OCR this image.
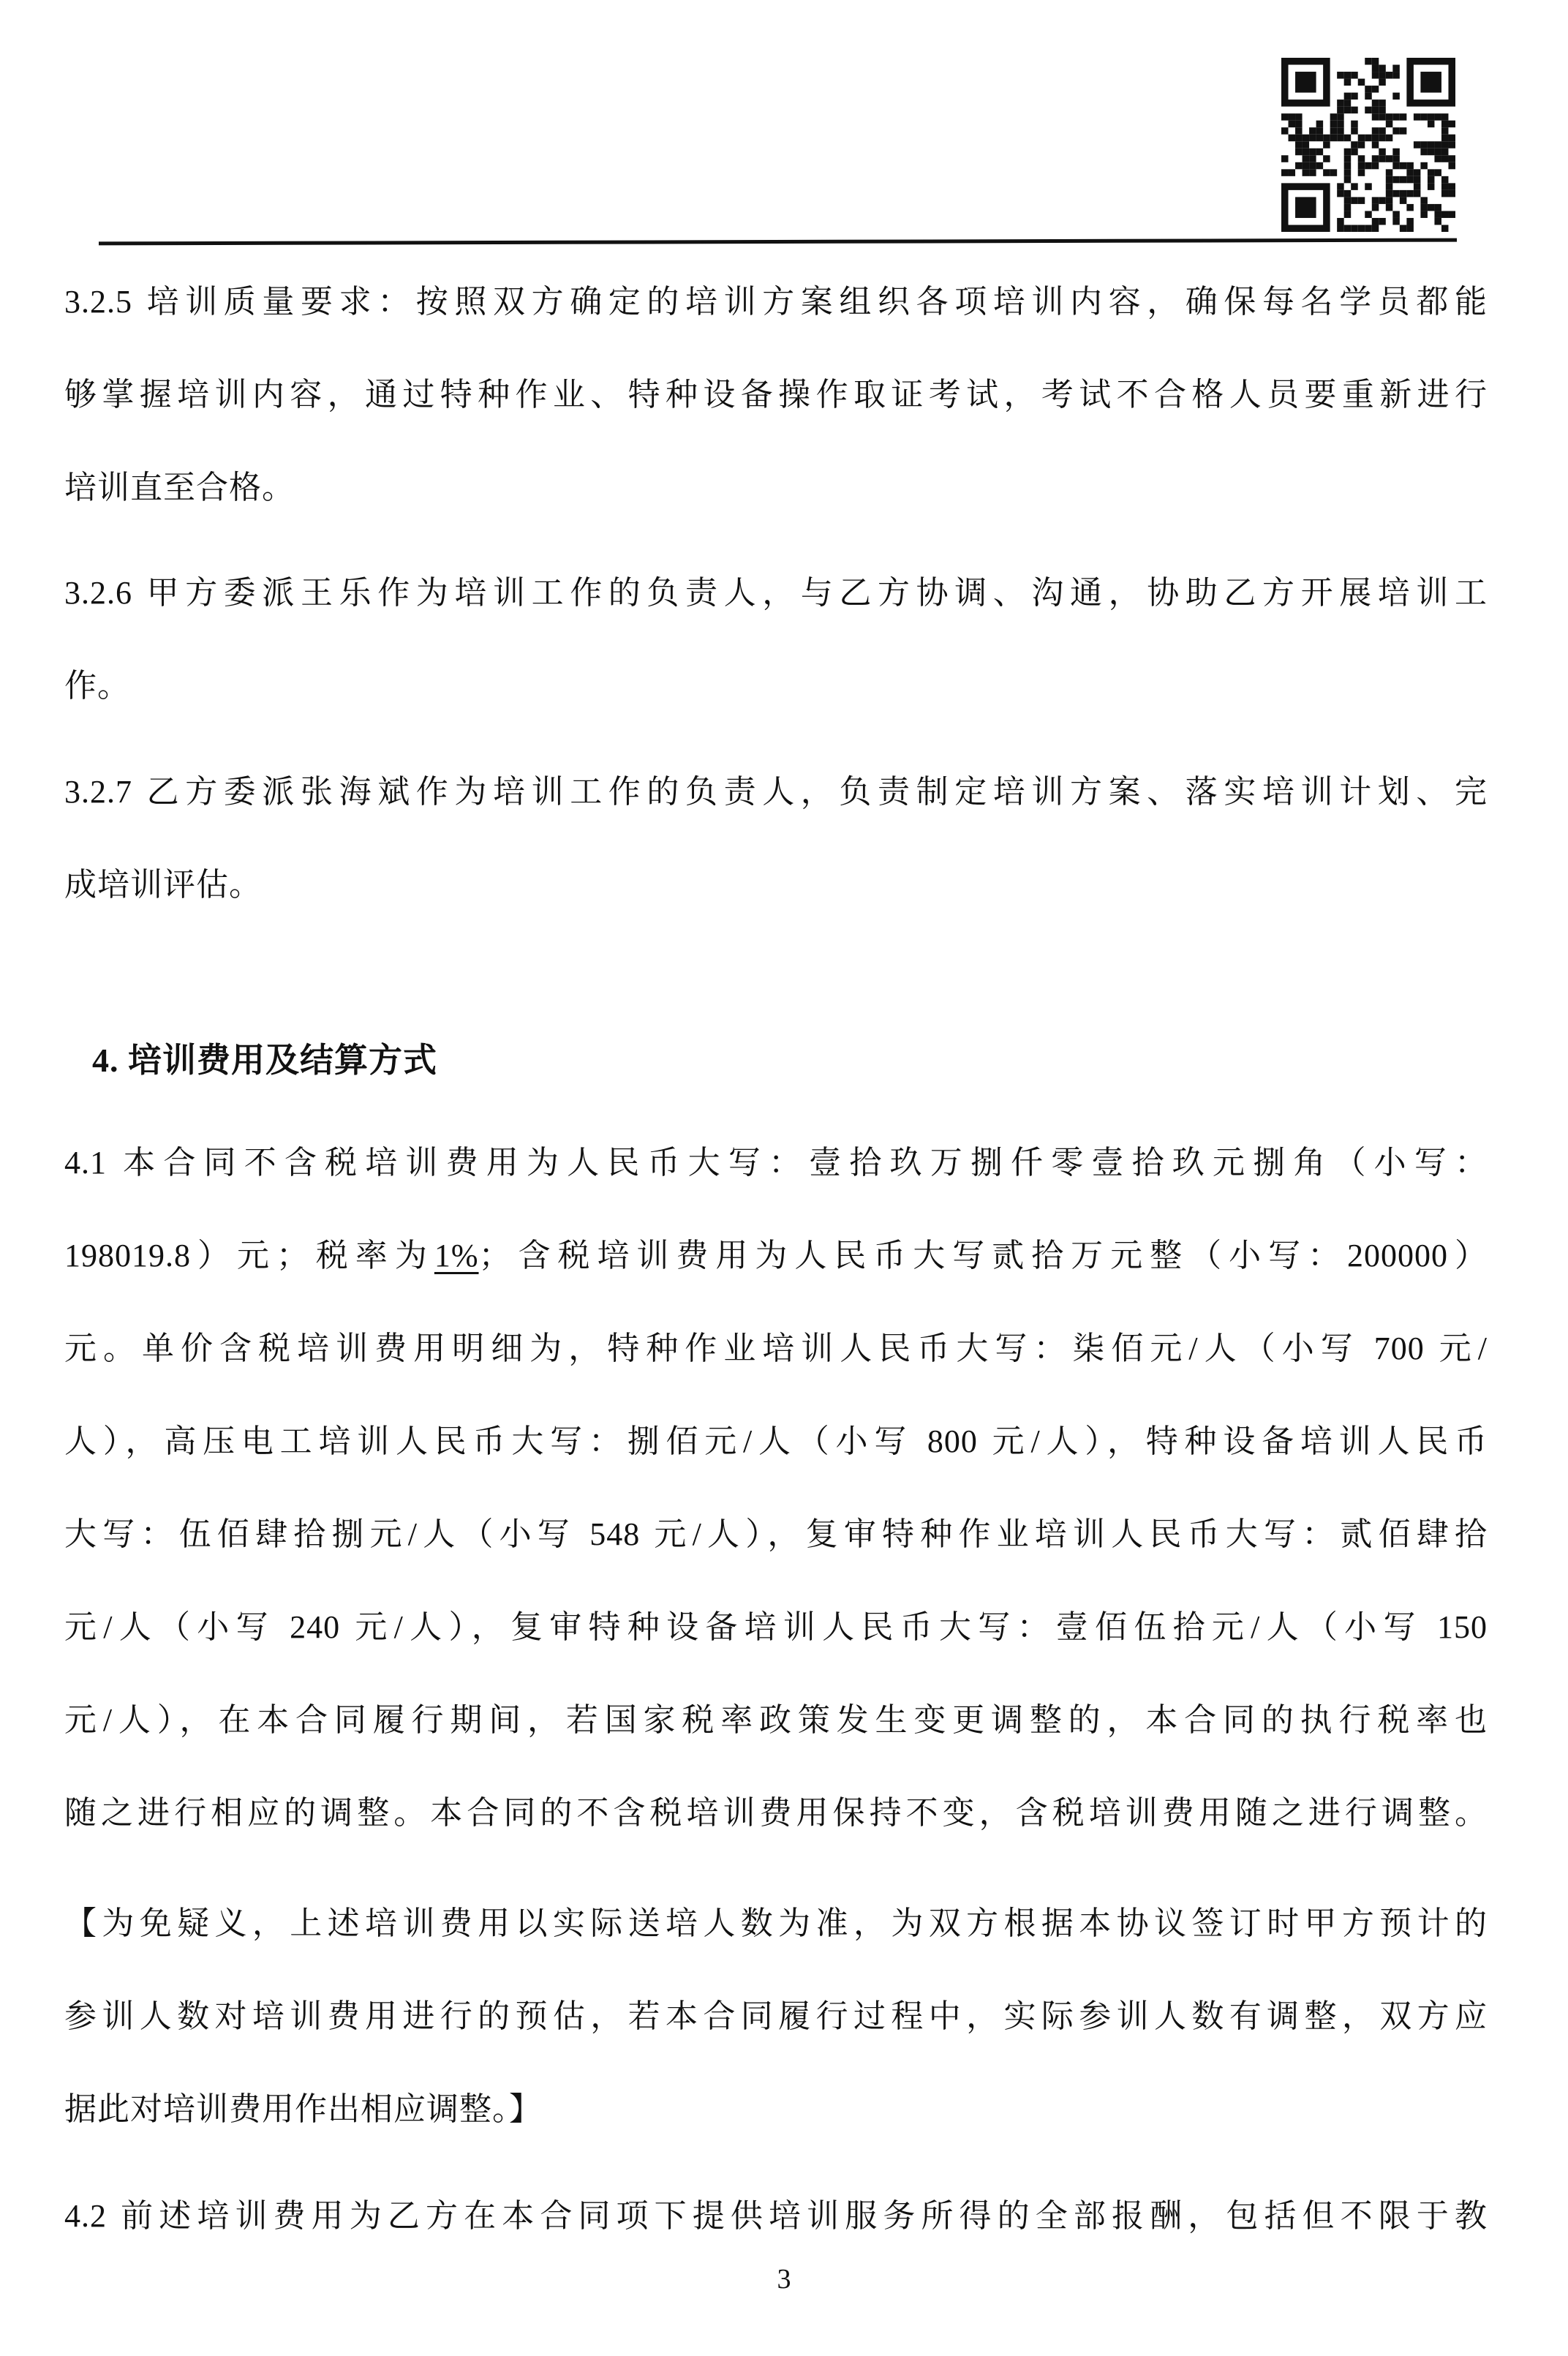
3.2.5 培训质量要求：按照双方确定的培训方案组织各项培训内容，确保每名学员都能
够掌握培训内容，通过特种作业、特种设备操作取证考试，考试不合格人员要重新进行
培训直至合格。

3.2.6 甲方委派王乐作为培训工作的负责人，与乙方协调、沟通，协助乙方开展培训工
作。

3.2.7 乙方委派张海斌作为培训工作的负责人，负责制定培训方案、落实培训计划、完
成培训评估。

4. 培训费用及结算方式

4.1 本合同不含税培训费用为人民币大写：壹拾玖万捌仟零壹拾玖元捌角（小写：
198019.8）元；税率为1%；含税培训费用为人民币大写贰拾万元整（小写：200000）
元。单价含税培训费用明细为，特种作业培训人民币大写：柒佰元/人（小写 700 元/
人），高压电工培训人民币大写：捌佰元/人（小写 800 元/人），特种设备培训人民币
大写：伍佰肆拾捌元/人（小写 548 元/人），复审特种作业培训人民币大写：贰佰肆拾
元/人（小写 240 元/人），复审特种设备培训人民币大写：壹佰伍拾元/人（小写 150
元/人），在本合同履行期间，若国家税率政策发生变更调整的，本合同的执行税率也
随之进行相应的调整。本合同的不含税培训费用保持不变，含税培训费用随之进行调整。

【为免疑义，上述培训费用以实际送培人数为准，为双方根据本协议签订时甲方预计的
参训人数对培训费用进行的预估，若本合同履行过程中，实际参训人数有调整，双方应
据此对培训费用作出相应调整。】

4.2 前述培训费用为乙方在本合同项下提供培训服务所得的全部报酬，包括但不限于教

3
